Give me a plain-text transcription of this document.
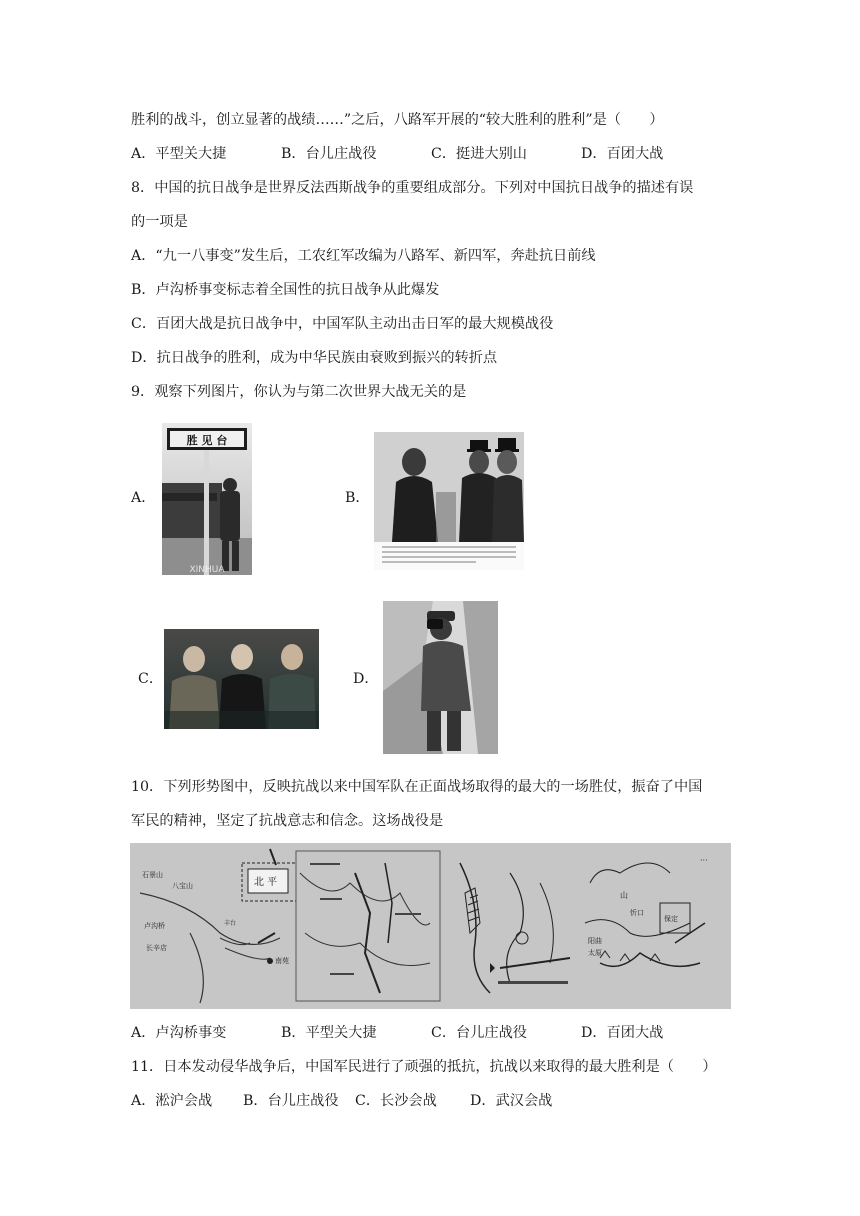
胜利的战斗，创立显著的战绩……”之后，八路军开展的“较大胜利的胜利”是（　　）
A．平型关大捷	B．台儿庄战役	C．挺进大别山	D．百团大战
8．中国的抗日战争是世界反法西斯战争的重要组成部分。下列对中国抗日战争的描述有误
的一项是
A．“九一八事变”发生后，工农红军改编为八路军、新四军，奔赴抗日前线
B．卢沟桥事变标志着全国性的抗日战争从此爆发
C．百团大战是抗日战争中，中国军队主动出击日军的最大规模战役
D．抗日战争的胜利，成为中华民族由衰败到振兴的转折点
9．观察下列图片，你认为与第二次世界大战无关的是
A．
胜 见 台
XINHUA
B．
C．	D．
10．下列形势图中，反映抗战以来中国军队在正面战场取得的最大的一场胜仗，振奋了中国
军民的精神，坚定了抗战意志和信念。这场战役是
石景山
八宝山
卢沟桥
长辛店
北 平
南苑
丰台
山
阳曲
太原
忻口
保定
···
A．卢沟桥事变	B．平型关大捷	C．台儿庄战役	D．百团大战
11．日本发动侵华战争后，中国军民进行了顽强的抵抗，抗战以来取得的最大胜利是（　　）
A．淞沪会战 B．台儿庄战役 C．长沙会战 D．武汉会战
